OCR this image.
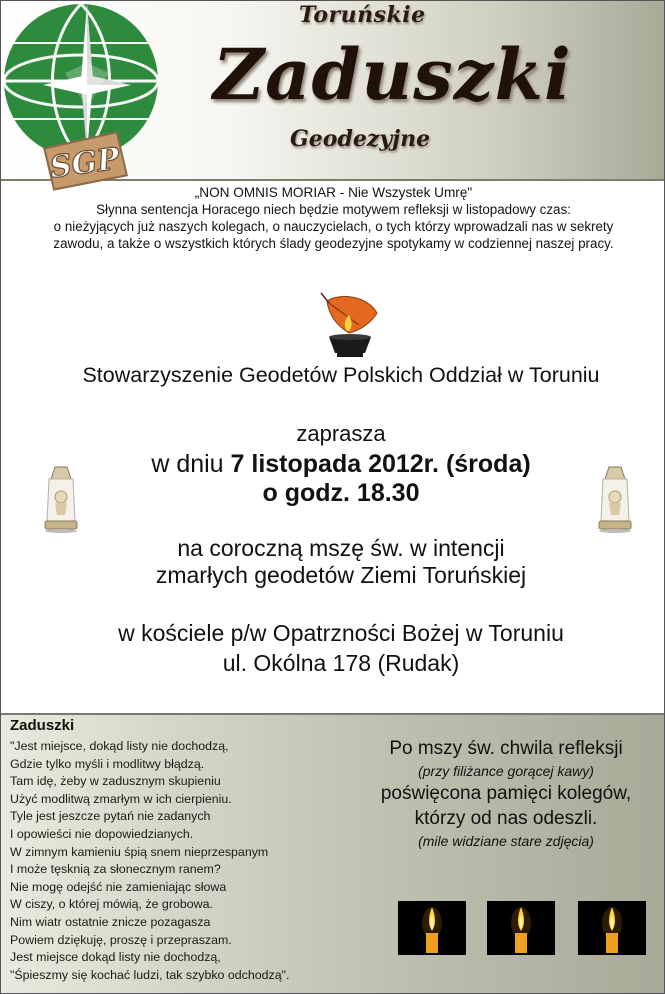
SGP
Toruńskie
Zaduszki
Geodezyjne
„NON OMNIS MORIAR - Nie Wszystek Umrę"
Słynna sentencja Horacego niech będzie motywem refleksji w listopadowy czas:
o nieżyjących już naszych kolegach, o nauczycielach, o tych którzy wprowadzali nas w sekrety
zawodu, a także o wszystkich których ślady geodezyjne spotykamy w codziennej naszej pracy.
Stowarzyszenie Geodetów Polskich Oddział w Toruniu
zaprasza
w dniu 7 listopada 2012r. (środa)
o godz. 18.30
na coroczną mszę św. w intencji
zmarłych geodetów Ziemi Toruńskiej
w kościele p/w Opatrzności Bożej w Toruniu
ul. Okólna 178 (Rudak)
Zaduszki
"Jest miejsce, dokąd listy nie dochodzą,
Gdzie tylko myśli i modlitwy błądzą.
Tam idę, żeby w zadusznym skupieniu
Użyć modlitwą zmarłym w ich cierpieniu.
Tyle jest jeszcze pytań nie zadanych
I opowieści nie dopowiedzianych.
W zimnym kamieniu śpią snem nieprzespanym
I może tęsknią za słonecznym ranem?
Nie mogę odejść nie zamieniając słowa
W ciszy, o której mówią, że grobowa.
Nim wiatr ostatnie znicze pozagasza
Powiem dziękuję, proszę i przepraszam.
Jest miejsce dokąd listy nie dochodzą,
"Śpieszmy się kochać ludzi, tak szybko odchodzą".
Po mszy św. chwila refleksji
(przy filiżance gorącej kawy)
poświęcona pamięci kolegów,
którzy od nas odeszli.
(mile widziane stare zdjęcia)
